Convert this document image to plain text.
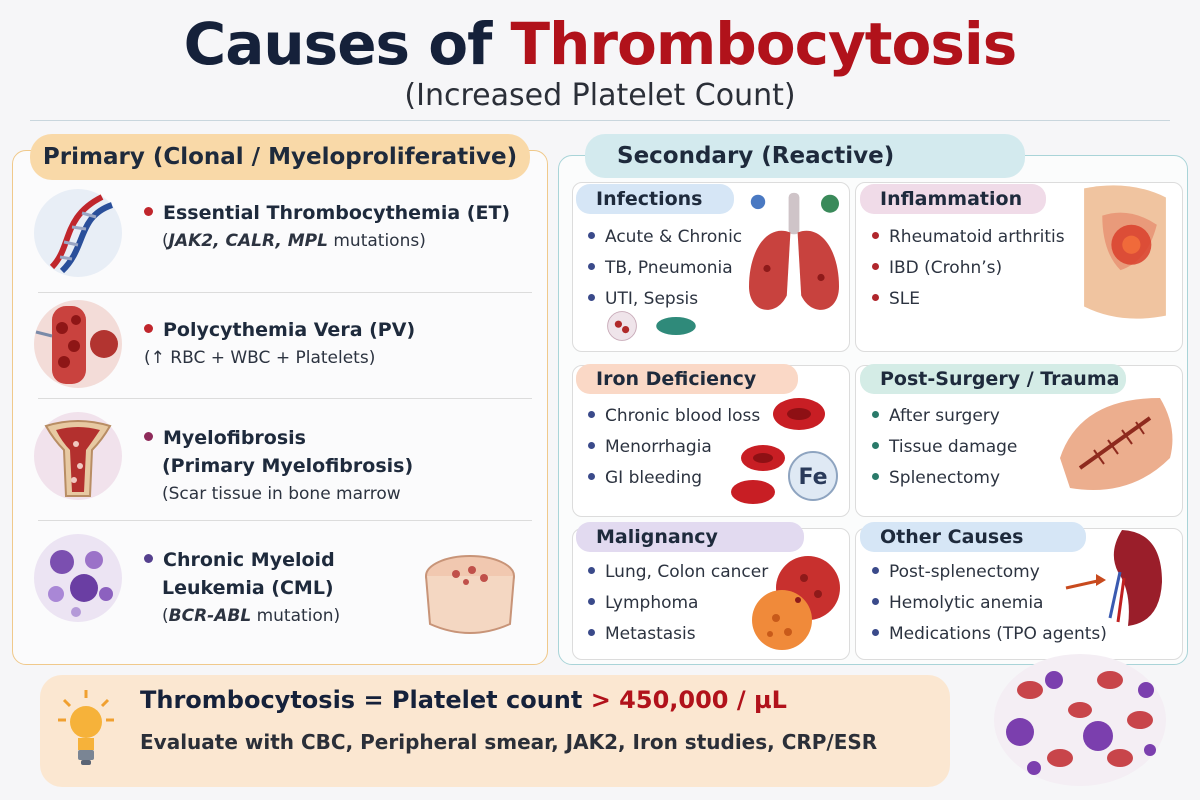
Causes of Thrombocytosis
(Increased Platelet Count)
Primary (Clonal / Myeloproliferative)
Essential Thrombocythemia (ET)
(JAK2, CALR, MPL mutations)
Polycythemia Vera (PV)
(↑ RBC + WBC + Platelets)
Myelofibrosis
(Primary Myelofibrosis)
(Scar tissue in bone marrow
Chronic Myeloid
Leukemia (CML)
(BCR-ABL mutation)
Secondary (Reactive)
Infections
Acute & Chronic
TB, Pneumonia
UTI, Sepsis
Inflammation
Rheumatoid arthritis
IBD (Crohn’s)
SLE
Iron Deficiency
Chronic blood loss
Menorrhagia
GI bleeding	Fe
Post-Surgery / Trauma
After surgery
Tissue damage
Splenectomy
Malignancy
Lung, Colon cancer
Lymphoma
Metastasis
Other Causes
Post-splenectomy
Hemolytic anemia
Medications (TPO agents)
Thrombocytosis = Platelet count > 450,000 / µL
Evaluate with CBC, Peripheral smear, JAK2, Iron studies, CRP/ESR
